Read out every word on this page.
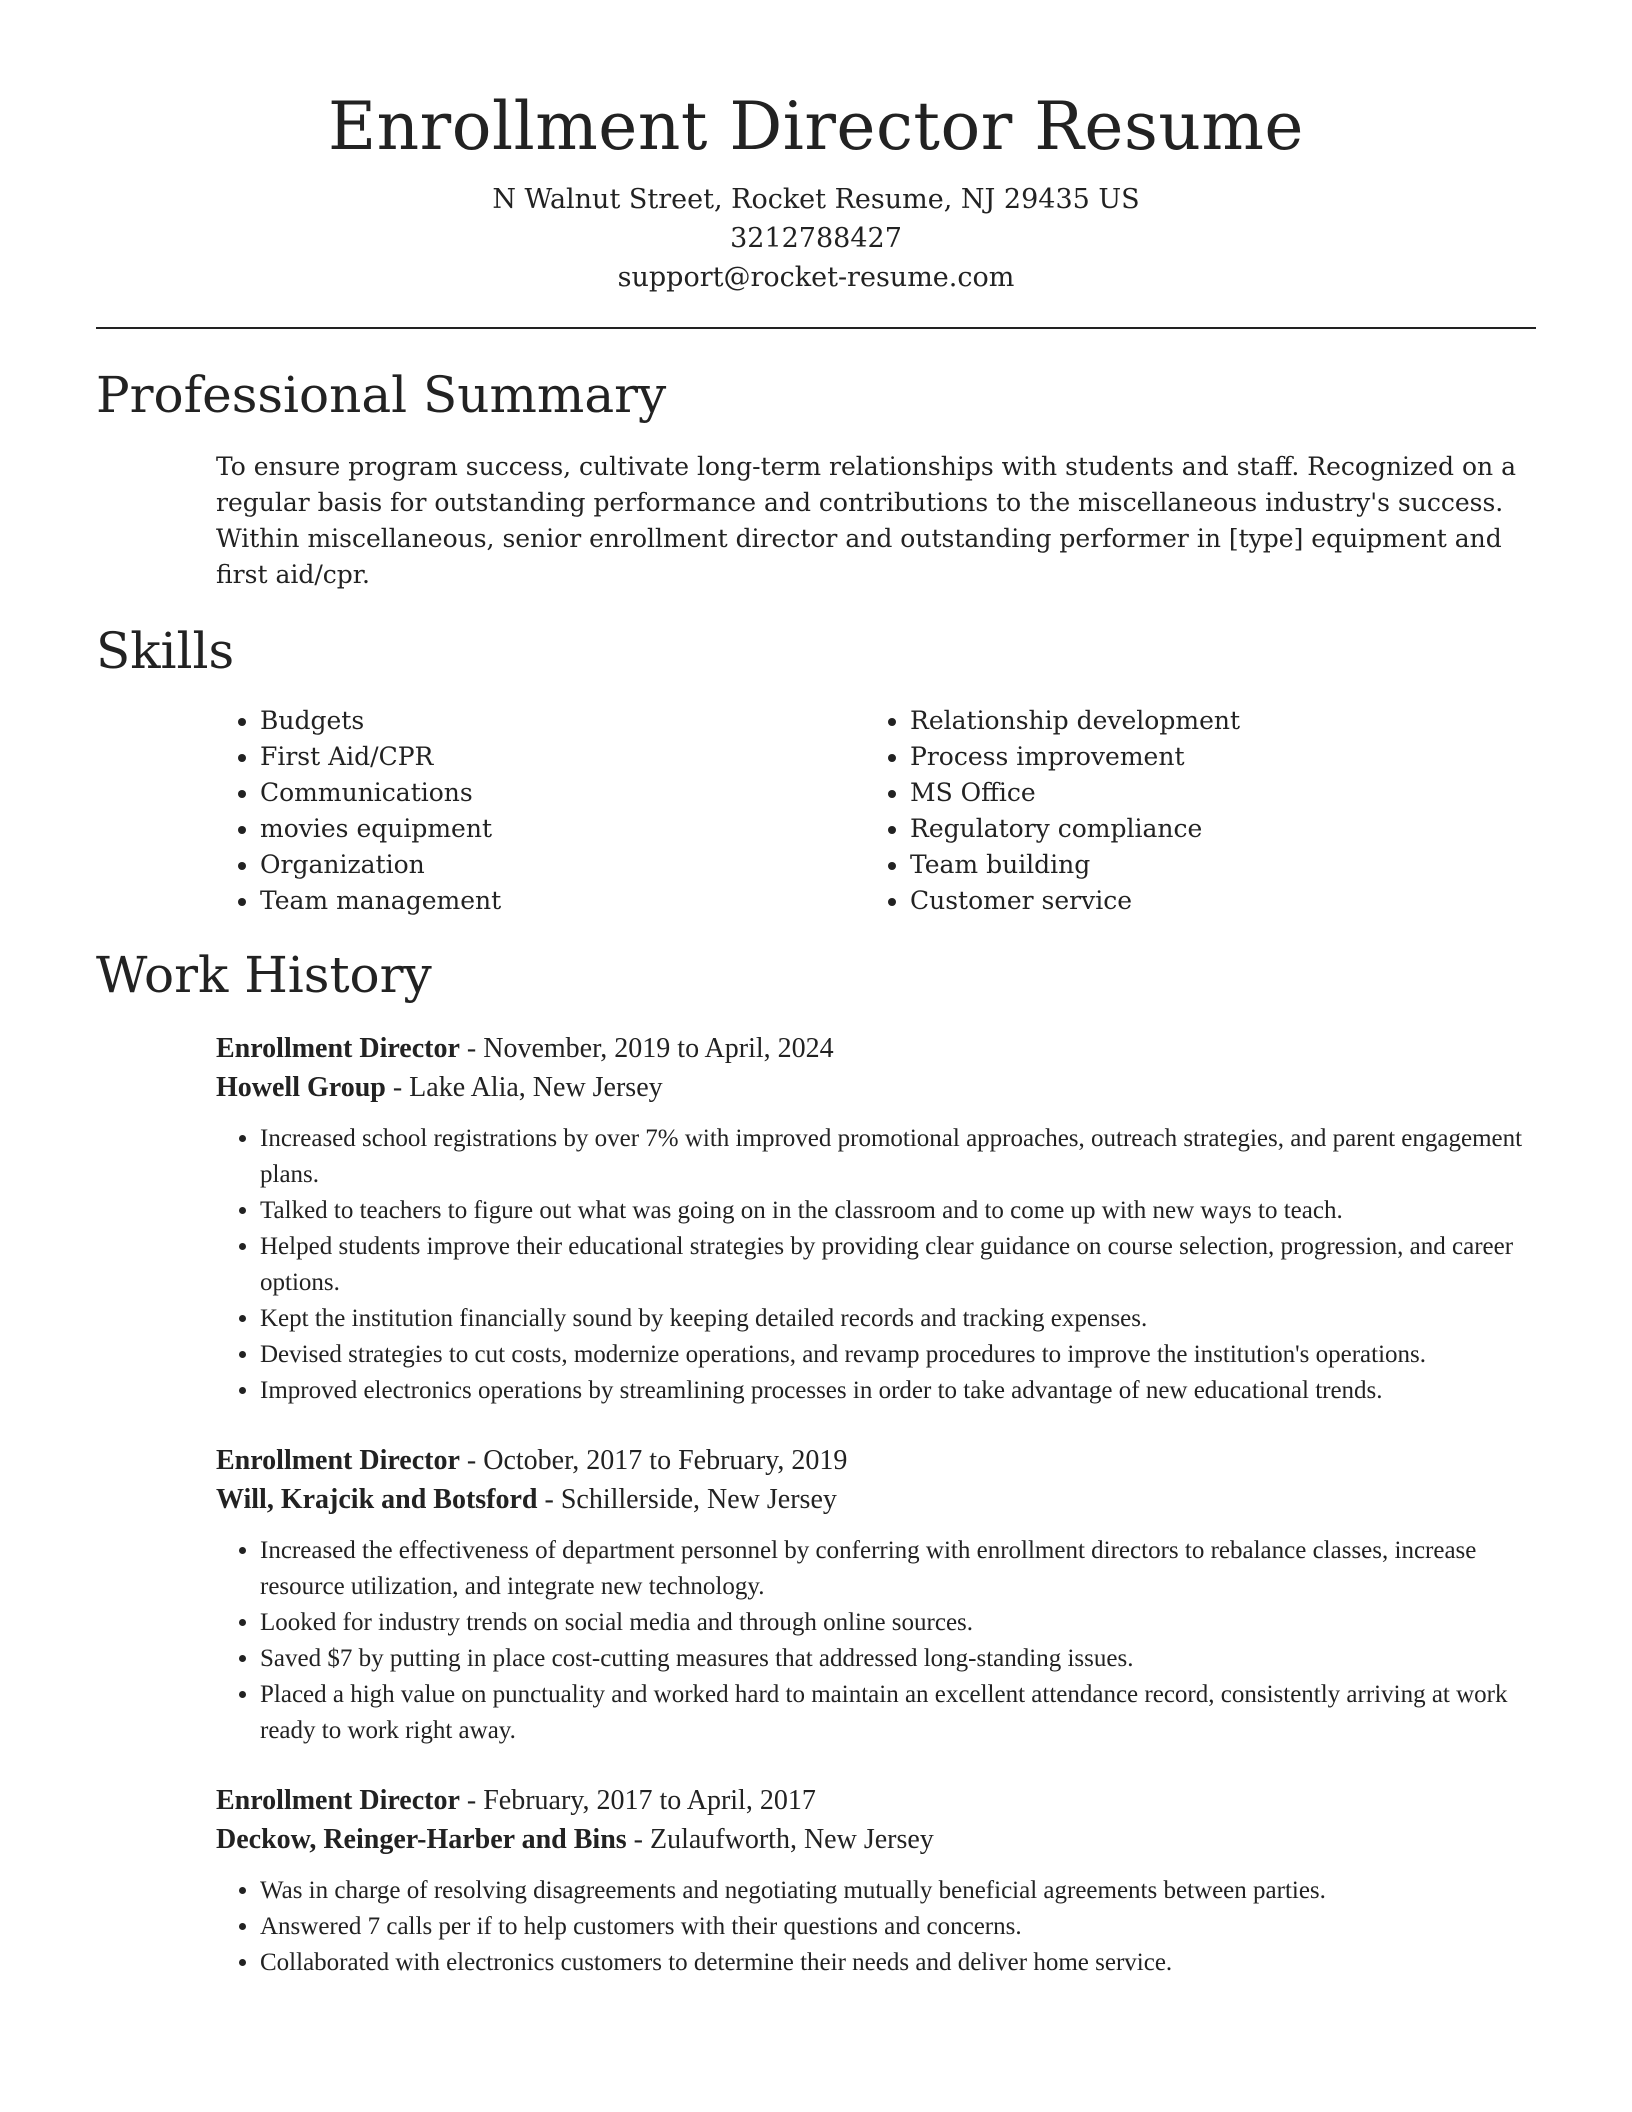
Enrollment Director Resume
N Walnut Street, Rocket Resume, NJ 29435 US
3212788427
support@rocket-resume.com
Professional Summary

To ensure program success, cultivate long-term relationships with students and staff. Recognized on a regular basis for outstanding performance and contributions to the miscellaneous industry's success. Within miscellaneous, senior enrollment director and outstanding performer in [type] equipment and first aid/cpr.

Skills
• Budgets
• First Aid/CPR
• Communications
• movies equipment
• Organization
• Team management
• Relationship development
• Process improvement
• MS Office
• Regulatory compliance
• Team building
• Customer service
Work History
Enrollment Director - November, 2019 to April, 2024
Howell Group - Lake Alia, New Jersey
• Increased school registrations by over 7% with improved promotional approaches, outreach strategies, and parent engagement plans.
• Talked to teachers to figure out what was going on in the classroom and to come up with new ways to teach.
• Helped students improve their educational strategies by providing clear guidance on course selection, progression, and career options.
• Kept the institution financially sound by keeping detailed records and tracking expenses.
• Devised strategies to cut costs, modernize operations, and revamp procedures to improve the institution's operations.
• Improved electronics operations by streamlining processes in order to take advantage of new educational trends.
Enrollment Director - October, 2017 to February, 2019
Will, Krajcik and Botsford - Schillerside, New Jersey
• Increased the effectiveness of department personnel by conferring with enrollment directors to rebalance classes, increase resource utilization, and integrate new technology.
• Looked for industry trends on social media and through online sources.
• Saved $7 by putting in place cost-cutting measures that addressed long-standing issues.
• Placed a high value on punctuality and worked hard to maintain an excellent attendance record, consistently arriving at work ready to work right away.
Enrollment Director - February, 2017 to April, 2017
Deckow, Reinger-Harber and Bins - Zulaufworth, New Jersey
• Was in charge of resolving disagreements and negotiating mutually beneficial agreements between parties.
• Answered 7 calls per if to help customers with their questions and concerns.
• Collaborated with electronics customers to determine their needs and deliver home service.
